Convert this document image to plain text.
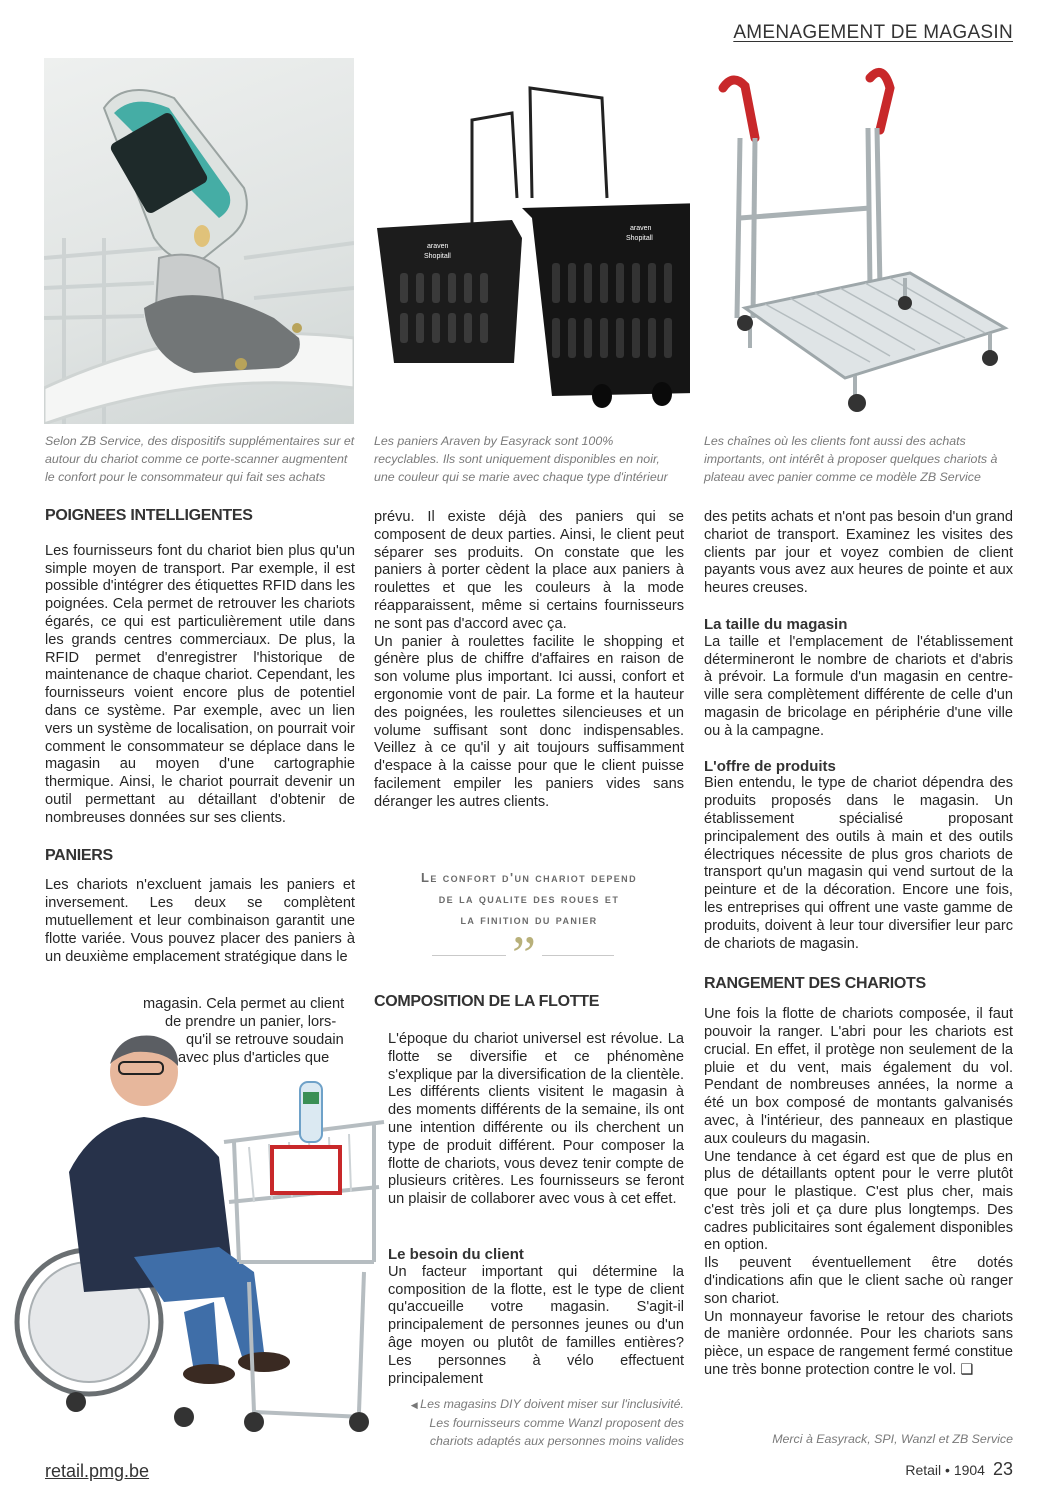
AMENAGEMENT DE MAGASIN
araven
Shopitall
araven
Shopitall
Selon ZB Service, des dispositifs supplémentaires sur et autour du chariot comme ce porte-scanner augmentent le confort pour le consommateur qui fait ses achats
Les paniers Araven by Easyrack sont 100% recyclables. Ils sont uniquement disponibles en noir, une couleur qui se marie avec chaque type d'intérieur
Les chaînes où les clients font aussi des achats importants, ont intérêt à proposer quelques chariots à plateau avec panier comme ce modèle ZB Service
POIGNEES INTELLIGENTES

Les fournisseurs font du chariot bien plus qu'un simple moyen de transport. Par exemple, il est possible d'intégrer des étiquettes RFID dans les poignées. Cela permet de retrouver les chariots égarés, ce qui est particulièrement utile dans les grands centres commerciaux. De plus, la RFID permet d'enregistrer l'historique de maintenance de chaque chariot. Cependant, les fournisseurs voient encore plus de potentiel dans ce système. Par exemple, avec un lien vers un système de localisation, on pourrait voir comment le consommateur se déplace dans le magasin au moyen d'une cartographie thermique. Ainsi, le chariot pourrait devenir un outil permettant au détaillant d'obtenir de nombreuses données sur ses clients.

PANIERS

Les chariots n'excluent jamais les paniers et inversement. Les deux se complètent mutuellement et leur combinaison garantit une flotte variée. Vous pouvez placer des paniers à un deuxième emplacement stratégique dans le

magasin. Cela permet au client
de prendre un panier, lors-
qu'il se retrouve soudain
avec plus d'articles que

prévu. Il existe déjà des paniers qui se composent de deux parties. Ainsi, le client peut séparer ses produits. On constate que les paniers à porter cèdent la place aux paniers à roulettes et que les couleurs à la mode réapparaissent, même si certains fournisseurs ne sont pas d'accord avec ça.

Un panier à roulettes facilite le shopping et génère plus de chiffre d'affaires en raison de son volume plus important. Ici aussi, confort et ergonomie vont de pair. La forme et la hauteur des poignées, les roulettes silencieuses et un volume suffisant sont donc indispensables. Veillez à ce qu'il y ait toujours suffisamment d'espace à la caisse pour que le client puisse facilement empiler les paniers vides sans déranger les autres clients.

Le confort d'un chariot depend
de la qualite des roues et
la finition du panier
”
COMPOSITION DE LA FLOTTE
L'époque du chariot universel est révolue. La flotte se diversifie et ce phénomène s'explique par la diversification de la clientèle. Les différents clients visitent le magasin à des moments différents de la semaine, ils ont une intention différente ou ils cherchent un type de produit différent. Pour composer la flotte de chariots, vous devez tenir compte de plusieurs critères. Les fournisseurs se feront un plaisir de collaborer avec vous à cet effet.
Le besoin du client

Un facteur important qui détermine la composition de la flotte, est le type de client qu'accueille votre magasin. S'agit-il principalement de personnes jeunes ou d'un âge moyen ou plutôt de familles entières? Les personnes à vélo effectuent principalement

◀ Les magasins DIY doivent miser sur l'inclusivité. Les fournisseurs comme Wanzl proposent des chariots adaptés aux personnes moins valides

des petits achats et n'ont pas besoin d'un grand chariot de transport. Examinez les visites des clients par jour et voyez combien de client payants vous avez aux heures de pointe et aux heures creuses.

La taille du magasin

La taille et l'emplacement de l'établissement détermineront le nombre de chariots et d'abris à prévoir. La formule d'un magasin en centre-ville sera complètement différente de celle d'un magasin de bricolage en périphérie d'une ville ou à la campagne.

L'offre de produits

Bien entendu, le type de chariot dépendra des produits proposés dans le magasin. Un établissement spécialisé proposant principalement des outils à main et des outils électriques nécessite de plus gros chariots de transport qu'un magasin qui vend surtout de la peinture et de la décoration. Encore une fois, les entreprises qui offrent une vaste gamme de produits, doivent à leur tour diversifier leur parc de chariots de magasin.

RANGEMENT DES CHARIOTS

Une fois la flotte de chariots composée, il faut pouvoir la ranger. L'abri pour les chariots est crucial. En effet, il protège non seulement de la pluie et du vent, mais également du vol. Pendant de nombreuses années, la norme a été un box composé de montants galvanisés avec, à l'intérieur, des panneaux en plastique aux couleurs du magasin.

Une tendance à cet égard est que de plus en plus de détaillants optent pour le verre plutôt que pour le plastique. C'est plus cher, mais c'est très joli et ça dure plus longtemps. Des cadres publicitaires sont également disponibles en option.

Ils peuvent éventuellement être dotés d'indications afin que le client sache où ranger son chariot.

Un monnayeur favorise le retour des chariots de manière ordonnée. Pour les chariots sans pièce, un espace de rangement fermé constitue une très bonne protection contre le vol. ❑

Merci à Easyrack, SPI, Wanzl et ZB Service
retail.pmg.be	Retail • 1904 23
